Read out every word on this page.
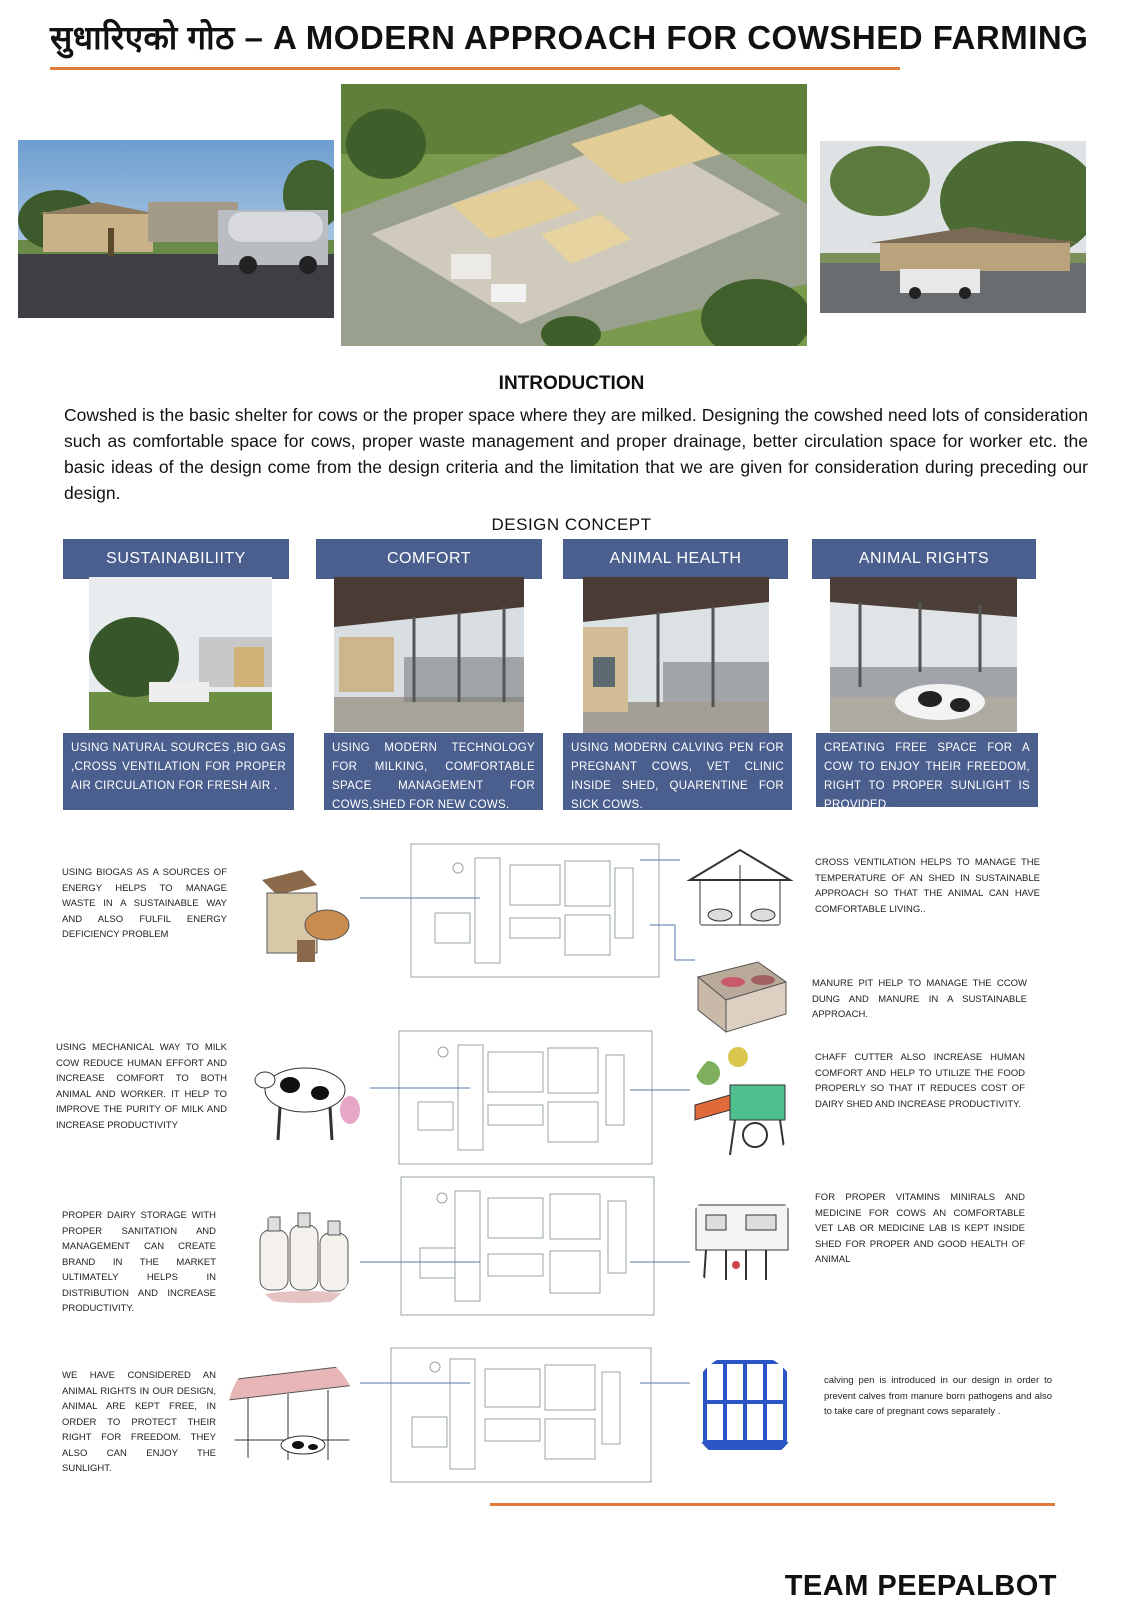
सुधारिएको गोठ – A MODERN APPROACH FOR COWSHED FARMING
INTRODUCTION
Cowshed is the basic shelter for cows or the proper space where they are milked. Designing the cowshed need lots of consideration such as comfortable space for cows, proper waste management and proper drainage, better circulation space for worker etc. the basic ideas of the design come from the design criteria and the limitation that we are given for consideration during preceding our design.
DESIGN CONCEPT
SUSTAINABILIITY
USING NATURAL SOURCES ,BIO GAS ,CROSS VENTILATION FOR PROPER AIR CIRCULATION FOR FRESH AIR .
COMFORT
USING MODERN TECHNOLOGY FOR MILKING, COMFORTABLE SPACE MANAGEMENT FOR COWS,SHED FOR NEW COWS.
ANIMAL HEALTH
USING MODERN CALVING PEN FOR PREGNANT COWS, VET CLINIC INSIDE SHED, QUARENTINE FOR SICK COWS.
ANIMAL RIGHTS
CREATING FREE SPACE FOR A COW TO ENJOY THEIR FREEDOM, RIGHT TO PROPER SUNLIGHT IS PROVIDED.
USING BIOGAS AS A SOURCES OF ENERGY HELPS TO MANAGE WASTE IN A SUSTAINABLE WAY AND ALSO FULFIL ENERGY DEFICIENCY PROBLEM
CROSS VENTILATION HELPS TO MANAGE THE TEMPERATURE OF AN SHED IN SUSTAINABLE APPROACH SO THAT THE ANIMAL CAN HAVE COMFORTABLE LIVING..
MANURE PIT HELP TO MANAGE THE CCOW DUNG AND MANURE IN A SUSTAINABLE APPROACH.
USING MECHANICAL WAY TO MILK COW REDUCE HUMAN EFFORT AND INCREASE COMFORT TO BOTH ANIMAL AND WORKER. IT HELP TO IMPROVE THE PURITY OF MILK AND INCREASE PRODUCTIVITY
CHAFF CUTTER ALSO INCREASE HUMAN COMFORT AND HELP TO UTILIZE THE FOOD PROPERLY SO THAT IT REDUCES COST OF DAIRY SHED AND INCREASE PRODUCTIVITY.
PROPER DAIRY STORAGE WITH PROPER SANITATION AND MANAGEMENT CAN CREATE BRAND IN THE MARKET ULTIMATELY HELPS IN DISTRIBUTION AND INCREASE PRODUCTIVITY.
FOR PROPER VITAMINS MINIRALS AND MEDICINE FOR COWS AN COMFORTABLE VET LAB OR MEDICINE LAB IS KEPT INSIDE SHED FOR PROPER AND GOOD HEALTH OF ANIMAL
WE HAVE CONSIDERED AN ANIMAL RIGHTS IN OUR DESIGN, ANIMAL ARE KEPT FREE, IN ORDER TO PROTECT THEIR RIGHT FOR FREEDOM. THEY ALSO CAN ENJOY THE SUNLIGHT.
calving pen is introduced in our design in order to prevent calves from manure born pathogens and also to take care of pregnant cows separately .
TEAM PEEPALBOT
